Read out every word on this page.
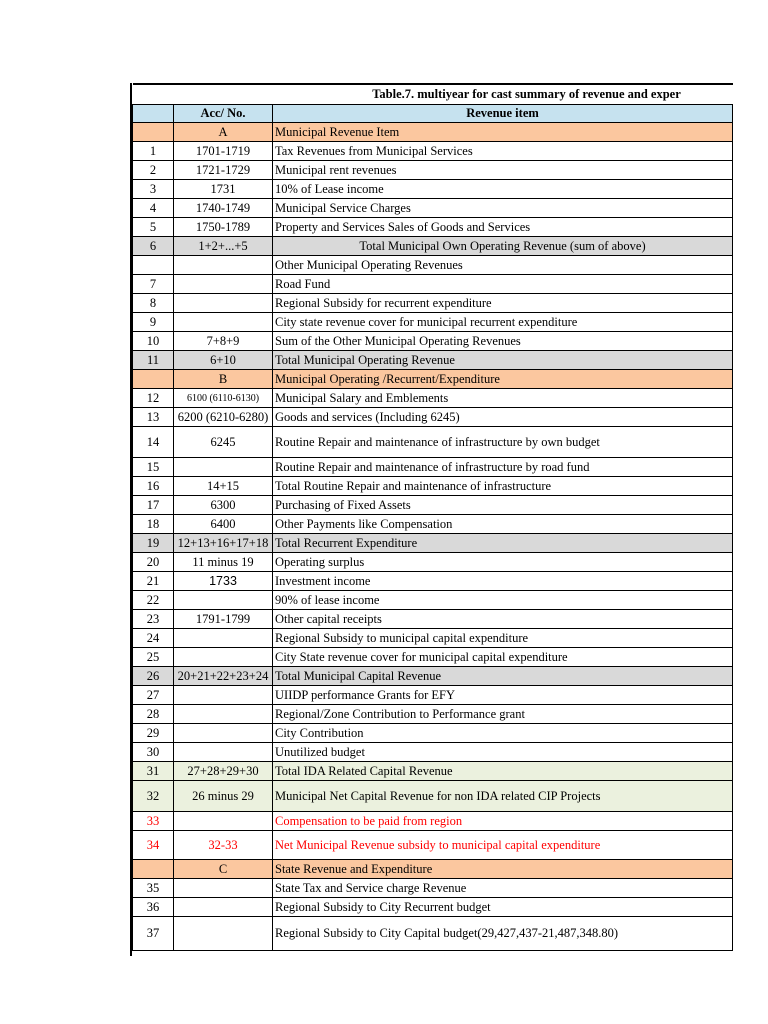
Table.7. multiyear for cast summary of revenue and exper		
	Acc/ No.	Revenue item
	A	Municipal Revenue Item
1	1701-1719	Tax Revenues from Municipal Services
2	1721-1729	Municipal rent revenues
3	1731	10% of Lease income
4	1740-1749	Municipal Service Charges
5	1750-1789	Property and Services Sales of Goods and Services
6	1+2+...+5	Total Municipal Own Operating Revenue (sum of above)
		Other Municipal Operating Revenues
7		Road Fund
8		Regional Subsidy for recurrent expenditure
9		City state revenue cover for municipal recurrent expenditure
10	7+8+9	Sum of the Other Municipal Operating Revenues
11	6+10	Total Municipal Operating Revenue
	B	Municipal Operating /Recurrent/Expenditure
12	6100 (6110-6130)	Municipal Salary and Emblements
13	6200 (6210-6280)	Goods and services (Including 6245)
14	6245	Routine Repair and maintenance of infrastructure by own budget
15		Routine Repair and maintenance of infrastructure by road fund
16	14+15	Total Routine Repair and maintenance of infrastructure
17	6300	Purchasing of Fixed Assets
18	6400	Other Payments like Compensation
19	12+13+16+17+18	Total Recurrent Expenditure
20	11 minus 19	Operating surplus
21	1733	Investment income
22		90% of lease income
23	1791-1799	Other capital receipts
24		Regional Subsidy to municipal capital expenditure
25		City State revenue cover for municipal capital expenditure
26	20+21+22+23+24	Total Municipal Capital Revenue
27		UIIDP performance Grants for EFY
28		Regional/Zone Contribution to Performance grant
29		City Contribution
30		Unutilized budget
31	27+28+29+30	Total IDA Related Capital Revenue
32	26 minus 29	Municipal Net Capital Revenue for non IDA related CIP Projects
33		Compensation to be paid from region
34	32-33	Net Municipal Revenue subsidy to municipal capital expenditure
	C	State Revenue and Expenditure
35		State Tax and Service charge Revenue
36		Regional Subsidy to City Recurrent budget
37		Regional Subsidy to City Capital budget(29,427,437-21,487,348.80)
